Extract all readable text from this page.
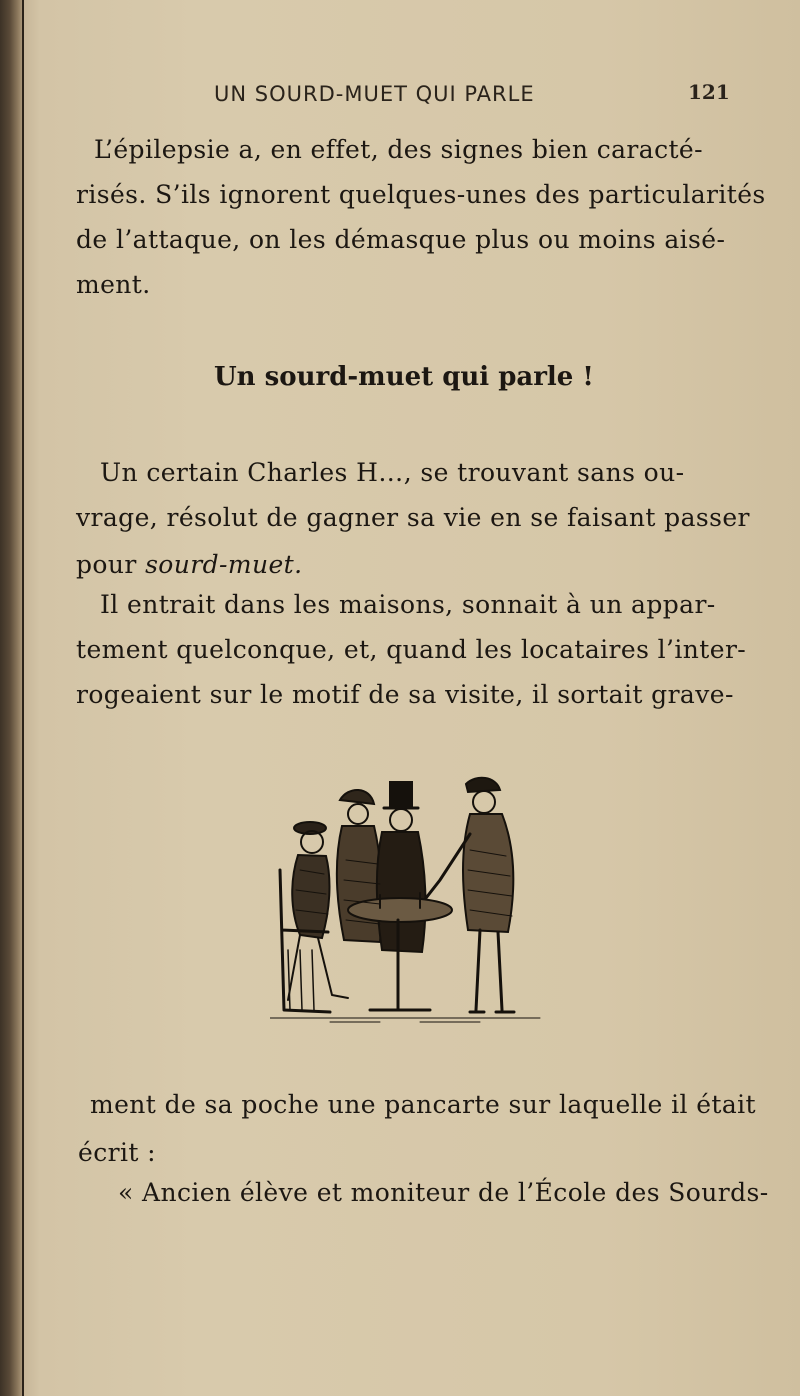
UN SOURD-MUET QUI PARLE	121
L’épilepsie a, en effet, des signes bien caracté-
risés. S’ils ignorent quelques-unes des particularités
de l’attaque, on les démasque plus ou moins aisé-
ment.
Un sourd-muet qui parle !
Un certain Charles H…, se trouvant sans ou-
vrage, résolut de gagner sa vie en se faisant passer
pour sourd-muet.
Il entrait dans les maisons, sonnait à un appar-
tement quelconque, et, quand les locataires l’inter-
rogeaient sur le motif de sa visite, il sortait grave-
ment de sa poche une pancarte sur laquelle il était
écrit :
« Ancien élève et moniteur de l’École des Sourds-
